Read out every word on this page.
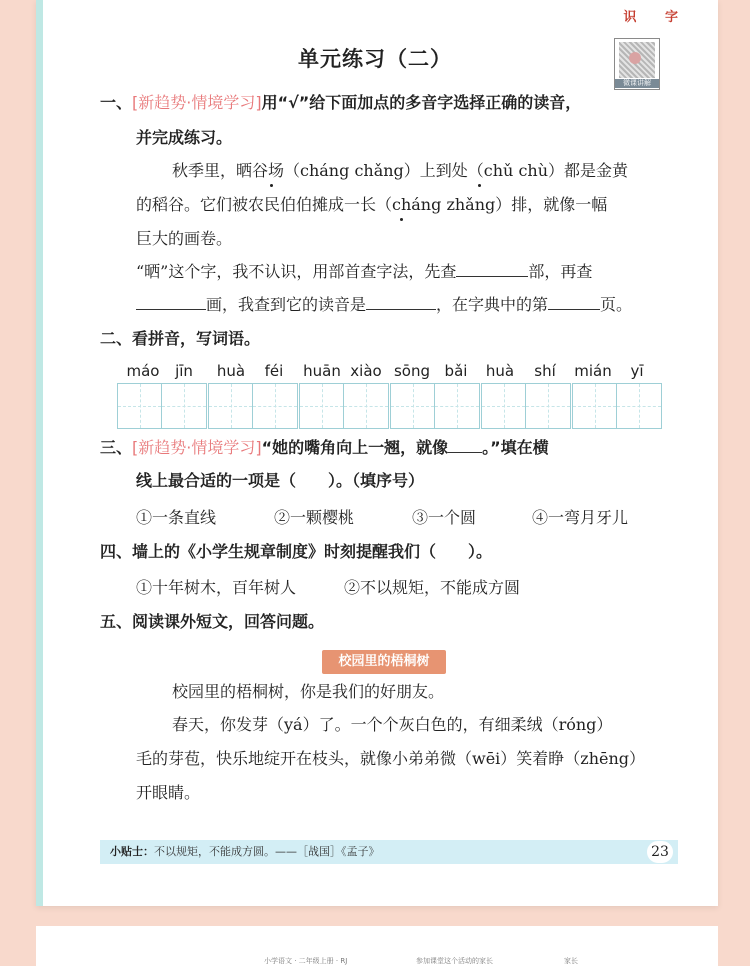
小学语文 · 二年级上册 · RJ	参加课堂这个活动的家长	家长
识 字
单元练习（二）
微课讲解
一、[新趋势·情境学习]用“√”给下面加点的多音字选择正确的读音，
并完成练习。
秋季里，晒谷场（cháng chǎng）上到处（chǔ chù）都是金黄
的稻谷。它们被农民伯伯摊成一长（cháng zhǎng）排，就像一幅
巨大的画卷。
“晒”这个字，我不认识，用部首查字法，先查	部，再查
画，我查到它的读音是	，在字典中的第	页。
二、看拼音，写词语。
máo jīn huà féi huān xiào sōng bǎi huà shí mián yī
三、[新趋势·情境学习]“她的嘴角向上一翘，就像 。”填在横
线上最合适的一项是（　　）。（填序号）
①一条直线	②一颗樱桃	③一个圆	④一弯月牙儿
四、墙上的《小学生规章制度》时刻提醒我们（　　）。
①十年树木，百年树人	②不以规矩，不能成方圆
五、阅读课外短文，回答问题。
校园里的梧桐树
校园里的梧桐树，你是我们的好朋友。
春天，你发芽（yá）了。一个个灰白色的，有细柔绒（róng）
毛的芽苞，快乐地绽开在枝头，就像小弟弟微（wēi）笑着睁（zhēng）
开眼睛。
小贴士：不以规矩，不能成方圆。——［战国］《孟子》	23
